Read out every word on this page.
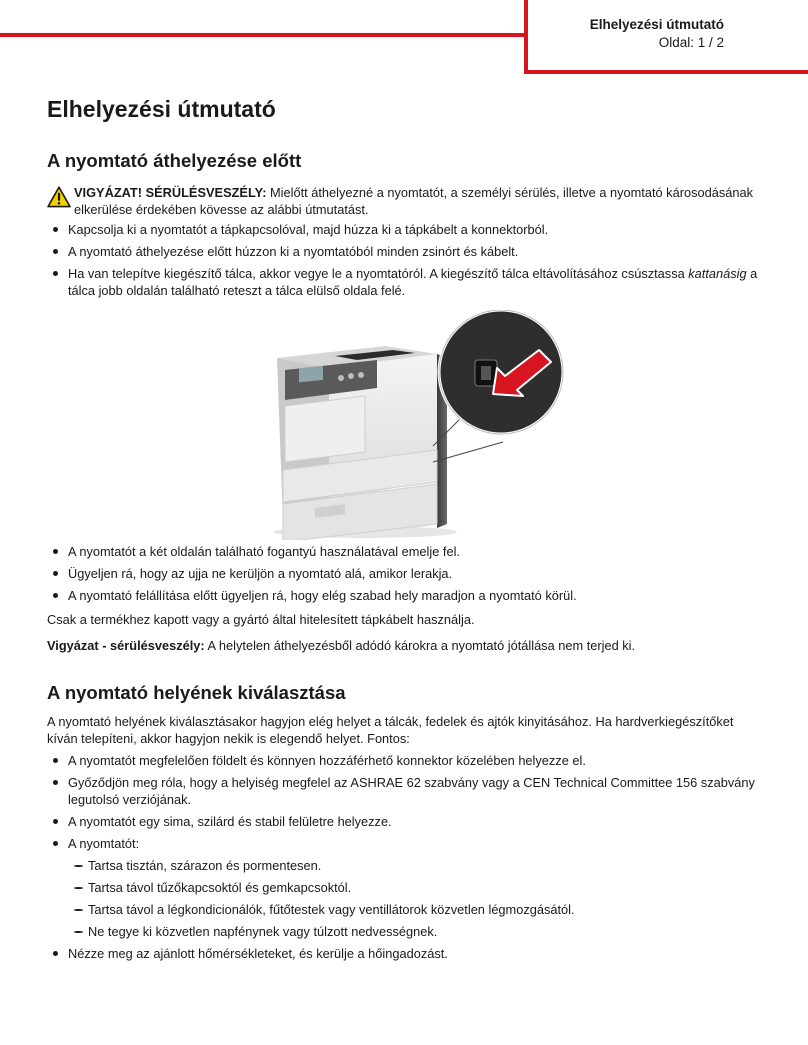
Elhelyezési útmutató
Oldal: 1 / 2
Elhelyezési útmutató
A nyomtató áthelyezése előtt
VIGYÁZAT! SÉRÜLÉSVESZÉLY: Mielőtt áthelyezné a nyomtatót, a személyi sérülés, illetve a nyomtató károsodásának elkerülése érdekében kövesse az alábbi útmutatást.
Kapcsolja ki a nyomtatót a tápkapcsolóval, majd húzza ki a tápkábelt a konnektorból.
A nyomtató áthelyezése előtt húzzon ki a nyomtatóból minden zsinórt és kábelt.
Ha van telepítve kiegészítő tálca, akkor vegye le a nyomtatóról. A kiegészítő tálca eltávolításához csúsztassa kattanásig a tálca jobb oldalán található reteszt a tálca elülső oldala felé.
A nyomtatót a két oldalán található fogantyú használatával emelje fel.
Ügyeljen rá, hogy az ujja ne kerüljön a nyomtató alá, amikor lerakja.
A nyomtató felállítása előtt ügyeljen rá, hogy elég szabad hely maradjon a nyomtató körül.
Csak a termékhez kapott vagy a gyártó által hitelesített tápkábelt használja.
Vigyázat - sérülésveszély: A helytelen áthelyezésből adódó károkra a nyomtató jótállása nem terjed ki.
A nyomtató helyének kiválasztása
A nyomtató helyének kiválasztásakor hagyjon elég helyet a tálcák, fedelek és ajtók kinyitásához. Ha hardverkiegészítőket kíván telepíteni, akkor hagyjon nekik is elegendő helyet. Fontos:
A nyomtatót megfelelően földelt és könnyen hozzáférhető konnektor közelében helyezze el.
Győződjön meg róla, hogy a helyiség megfelel az ASHRAE 62 szabvány vagy a CEN Technical Committee 156 szabvány legutolsó verziójának.
A nyomtatót egy sima, szilárd és stabil felületre helyezze.
A nyomtatót:
Tartsa tisztán, szárazon és pormentesen.
Tartsa távol tűzőkapcsoktól és gemkapcsoktól.
Tartsa távol a légkondicionálók, fűtőtestek vagy ventillátorok közvetlen légmozgásától.
Ne tegye ki közvetlen napfénynek vagy túlzott nedvességnek.
Nézze meg az ajánlott hőmérsékleteket, és kerülje a hőingadozást.
